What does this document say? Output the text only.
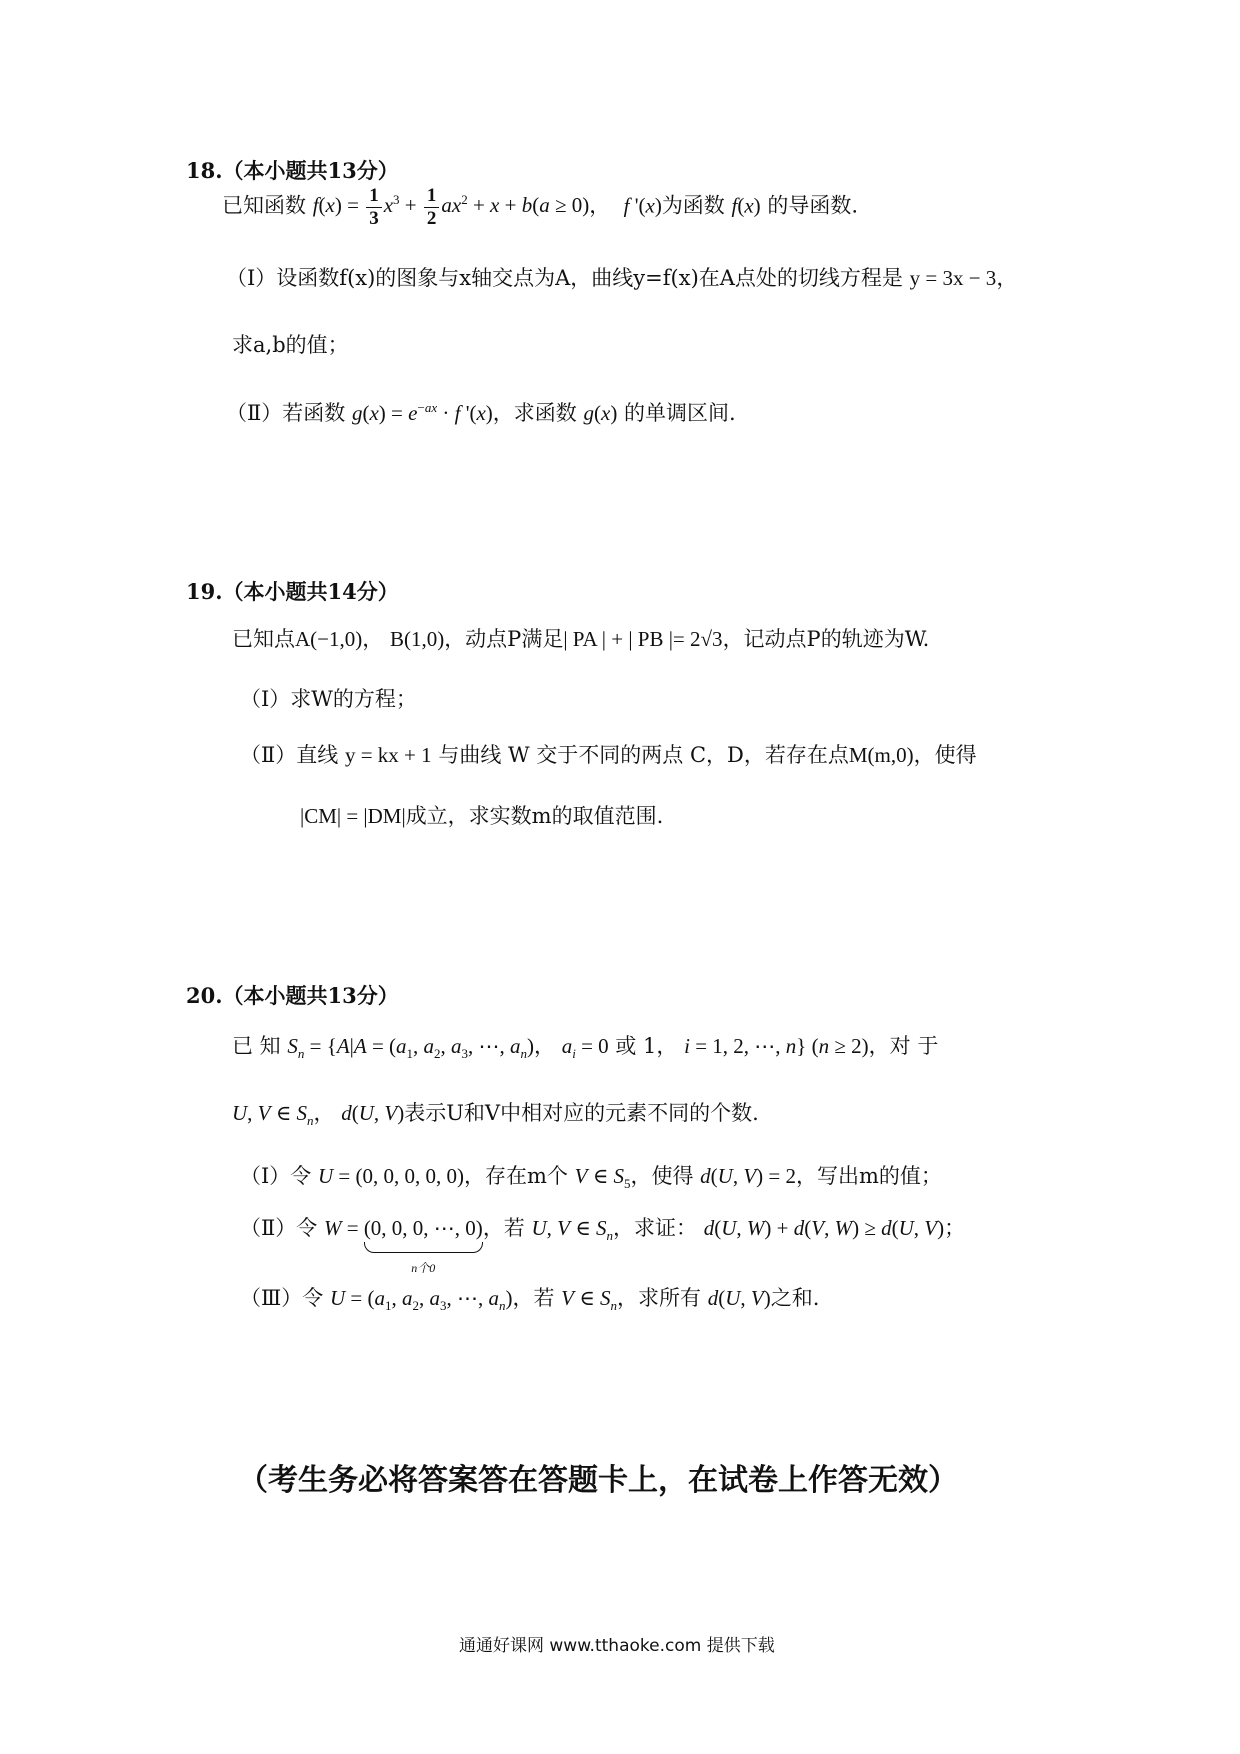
18.（本小题共13分）
已知函数 $f(x) = \frac{1}{3} x^3 + \frac{1}{2} ax^2 + x + b(a \ge 0)$， f '(x)为函数 f(x) 的导函数.
（Ⅰ）设函数f(x)的图象与x轴交点为A，曲线y=f(x)在A点处的切线方程是 y = 3x − 3，
求a,b的值；
（Ⅱ）若函数 $g(x) = e^{-ax} \cdot f$ '(x)，求函数 g(x) 的单调区间.
19.（本小题共14分）
已知点A(−1,0)， B(1,0)，动点P满足| PA | + | PB |= 2√3，记动点P的轨迹为W.
（Ⅰ）求W的方程；
（Ⅱ）直线 y = kx + 1 与曲线 W 交于不同的两点 C，D，若存在点M(m,0)，使得
|CM| = |DM|成立，求实数m的取值范围.
20.（本小题共13分）
已 知 $S_n = \{A|A = (a_1$, $a_2$, $a_3$, ⋯, $a_n$)， $a_i = 0$ 或 1， i = 1, 2, ⋯, n} (n ≥ 2)，对 于
U, V ∈ $S_n$， d(U, V)表示U和V中相对应的元素不同的个数.
（Ⅰ）令 U = (0, 0, 0, 0, 0)，存在m个 V ∈ $S_5$，使得 d(U, V) = 2，写出m的值；
（Ⅱ）令 W = (0, 0, 0, ⋯, 0)
n个0
，若 U, V ∈ $S_n$，求证： d(U, W) + d(V, W) ≥ d(U, V)；
（Ⅲ）令 $U = (a_1$, $a_2$, $a_3$, ⋯, $a_n$)，若 V ∈ $S_n$，求所有 d(U, V)之和.
（考生务必将答案答在答题卡上，在试卷上作答无效）
通通好课网 www.tthaoke.com 提供下载
